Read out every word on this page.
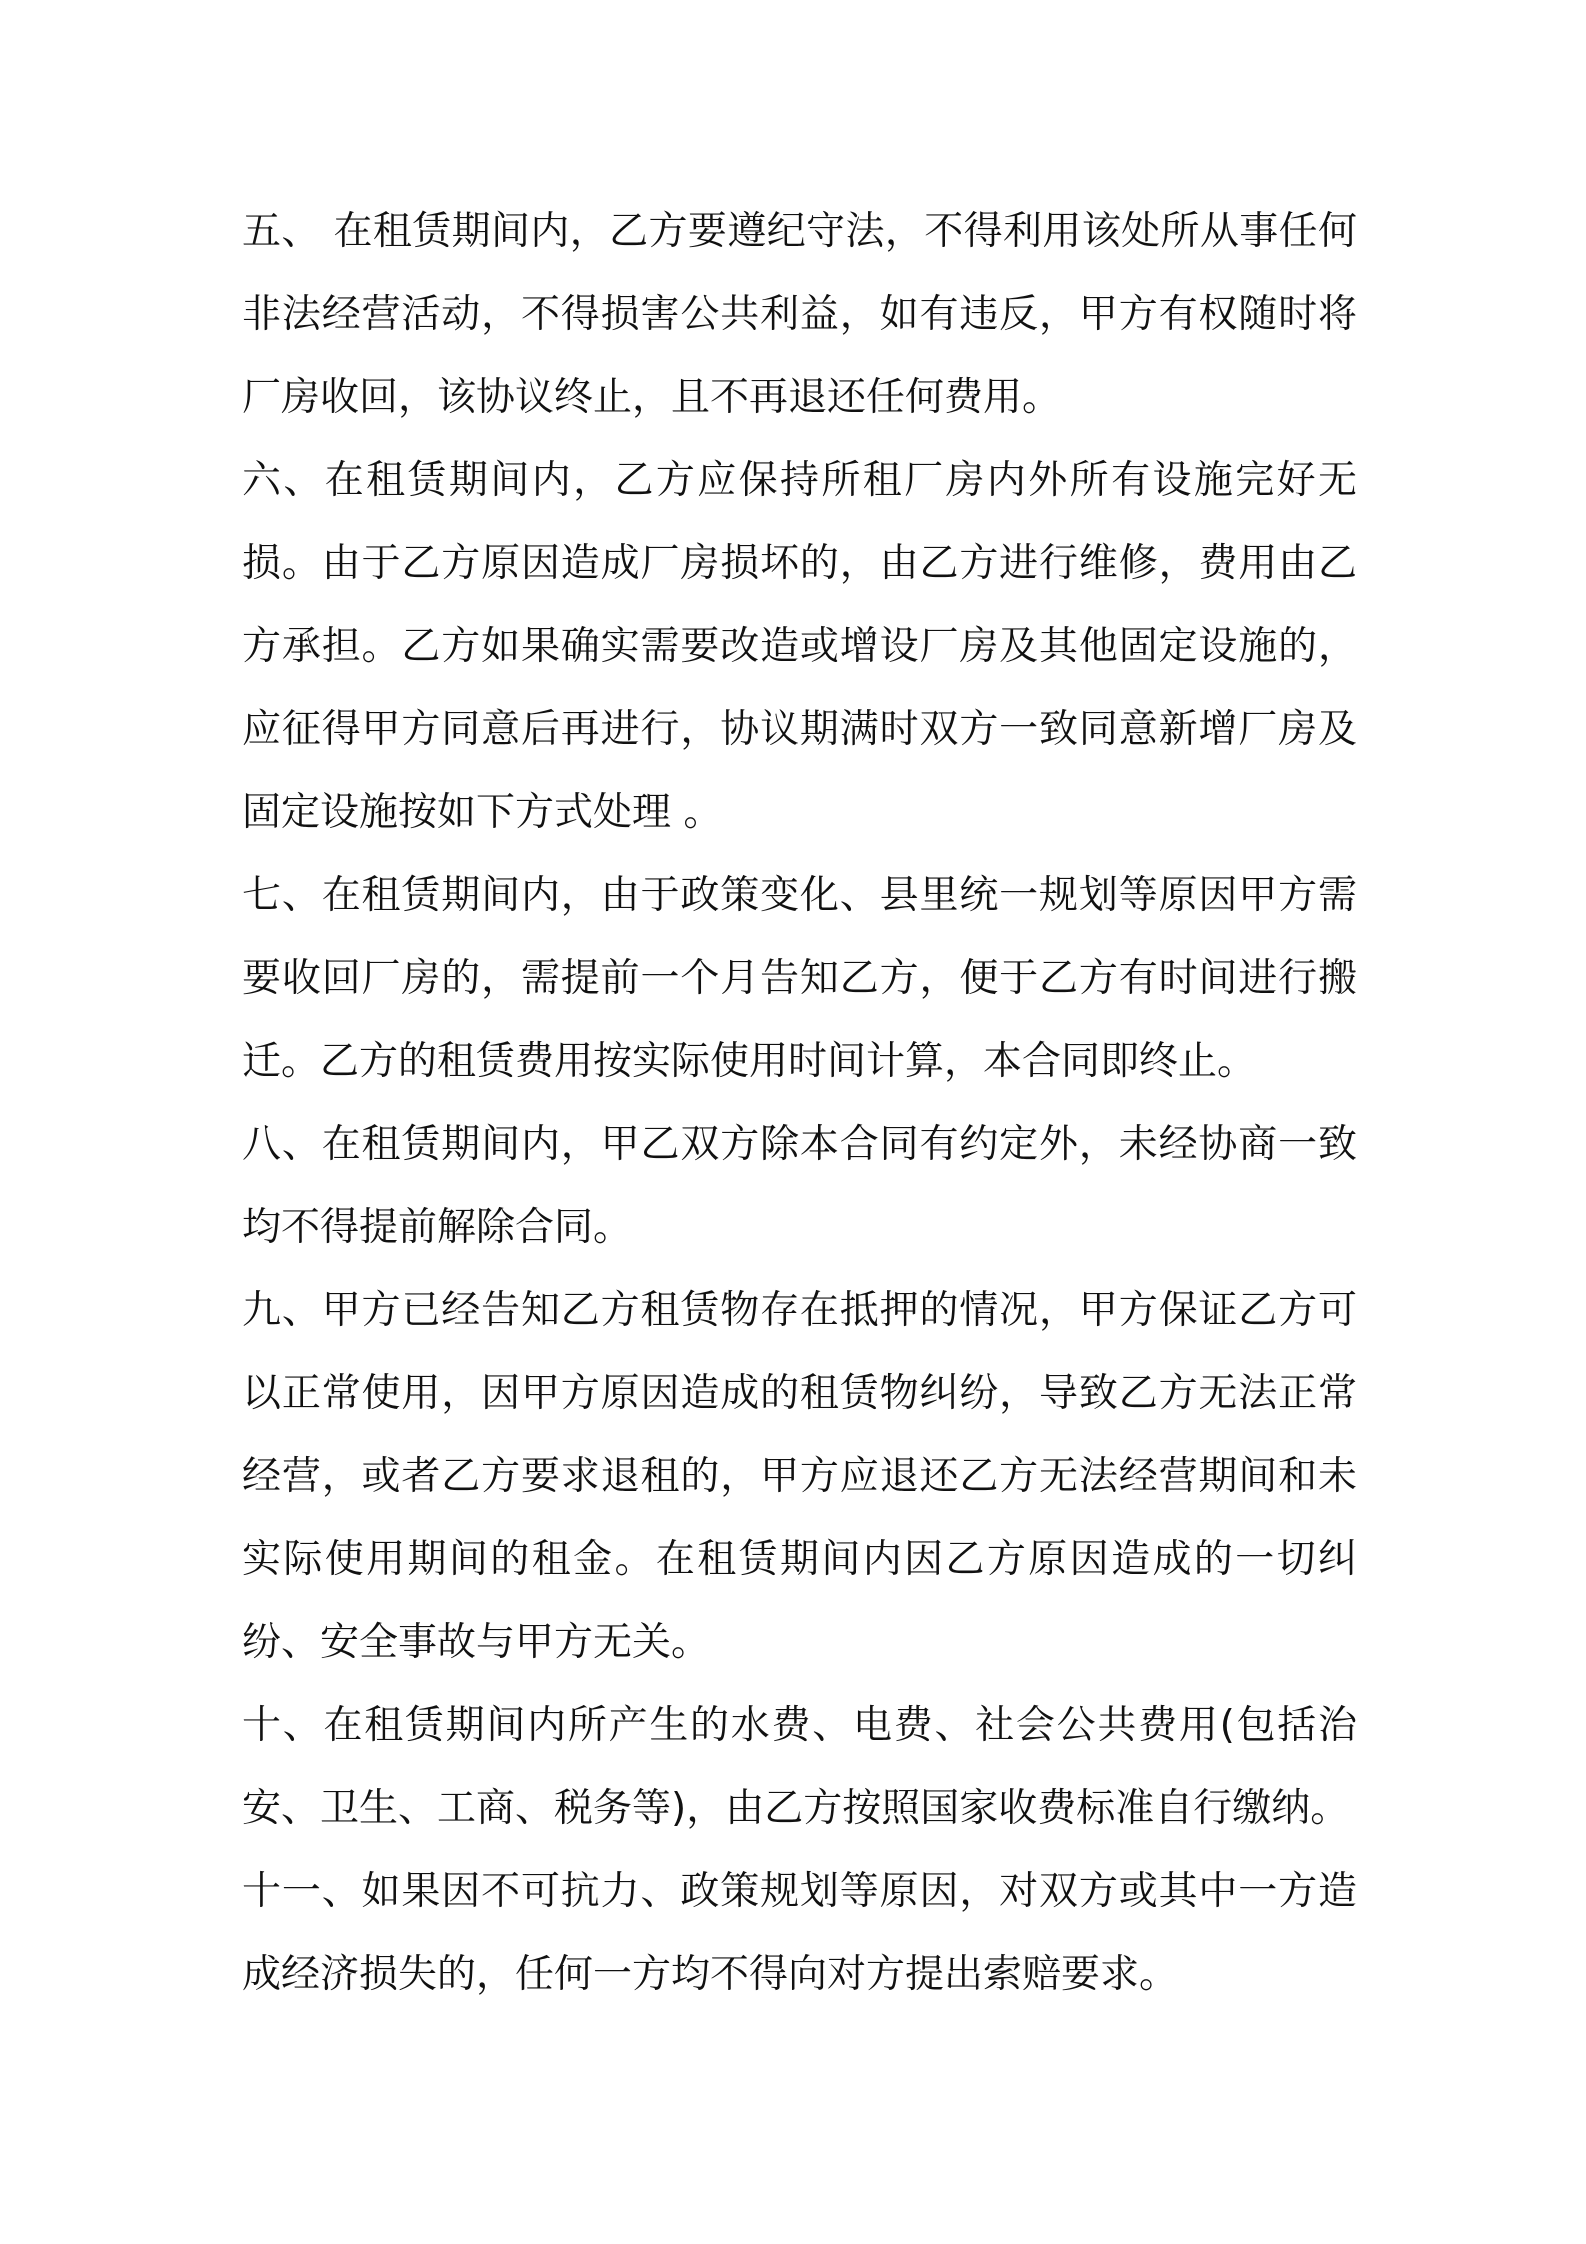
五、 在租赁期间内，乙方要遵纪守法，不得利用该处所从事任何非法经营活动，不得损害公共利益，如有违反，甲方有权随时将厂房收回，该协议终止，且不再退还任何费用。

六、在租赁期间内，乙方应保持所租厂房内外所有设施完好无损。由于乙方原因造成厂房损坏的，由乙方进行维修，费用由乙方承担。乙方如果确实需要改造或增设厂房及其他固定设施的，应征得甲方同意后再进行，协议期满时双方一致同意新增厂房及固定设施按如下方式处理 。

七、在租赁期间内，由于政策变化、县里统一规划等原因甲方需要收回厂房的，需提前一个月告知乙方，便于乙方有时间进行搬迁。乙方的租赁费用按实际使用时间计算，本合同即终止。

八、在租赁期间内，甲乙双方除本合同有约定外，未经协商一致均不得提前解除合同。

九、甲方已经告知乙方租赁物存在抵押的情况，甲方保证乙方可以正常使用，因甲方原因造成的租赁物纠纷，导致乙方无法正常经营，或者乙方要求退租的，甲方应退还乙方无法经营期间和未实际使用期间的租金。在租赁期间内因乙方原因造成的一切纠纷、安全事故与甲方无关。

十、在租赁期间内所产生的水费、电费、社会公共费用(包括治安、卫生、工商、税务等)，由乙方按照国家收费标准自行缴纳。

十一、如果因不可抗力、政策规划等原因，对双方或其中一方造成经济损失的，任何一方均不得向对方提出索赔要求。
